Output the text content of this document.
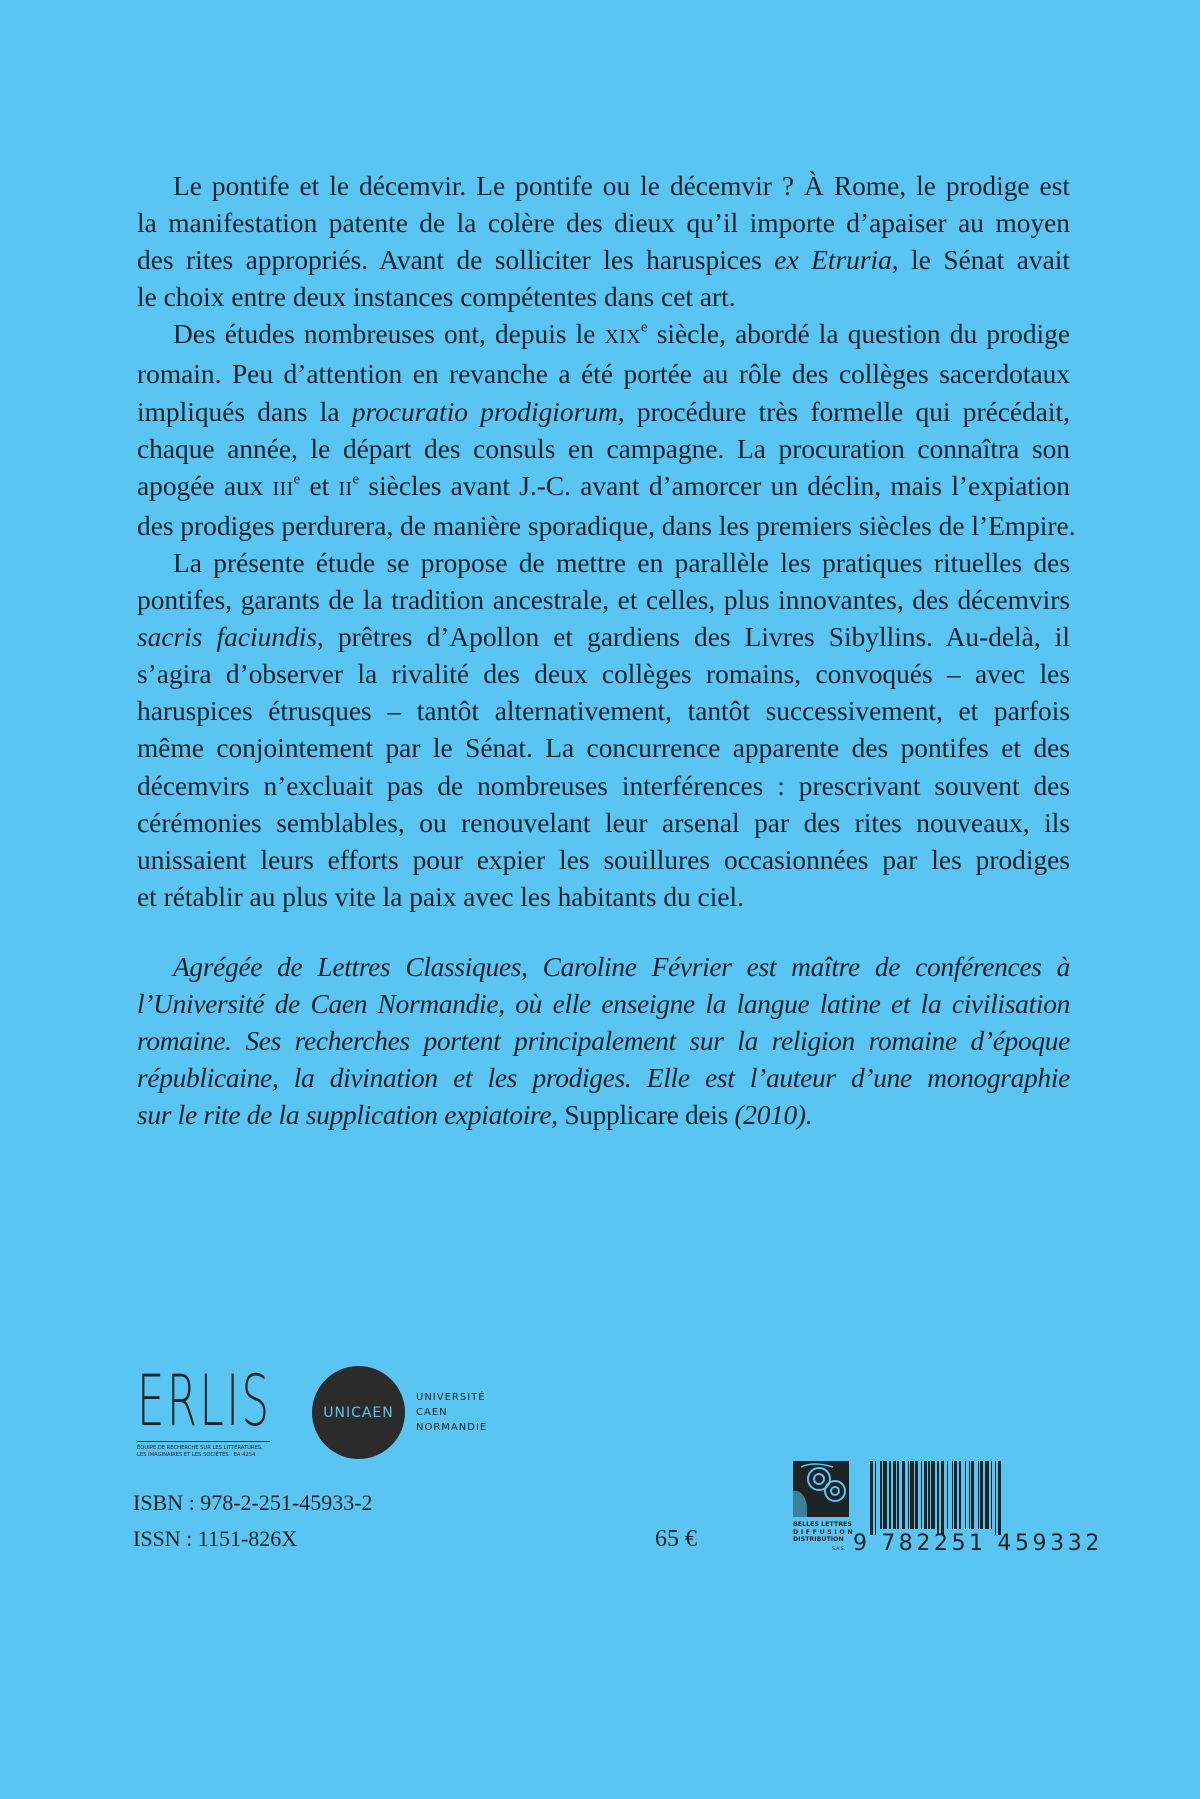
Le pontife et le décemvir. Le pontife ou le décemvir ? À Rome, le prodige est
la manifestation patente de la colère des dieux qu’il importe d’apaiser au moyen
des rites appropriés. Avant de solliciter les haruspices ex Etruria, le Sénat avait
le choix entre deux instances compétentes dans cet art.
Des études nombreuses ont, depuis le XIXe siècle, abordé la question du prodige
romain. Peu d’attention en revanche a été portée au rôle des collèges sacerdotaux
impliqués dans la procuratio prodigiorum, procédure très formelle qui précédait,
chaque année, le départ des consuls en campagne. La procuration connaîtra son
apogée aux IIIe et IIe siècles avant J.-C. avant d’amorcer un déclin, mais l’expiation
des prodiges perdurera, de manière sporadique, dans les premiers siècles de l’Empire.
La présente étude se propose de mettre en parallèle les pratiques rituelles des
pontifes, garants de la tradition ancestrale, et celles, plus innovantes, des décemvirs
sacris faciundis, prêtres d’Apollon et gardiens des Livres Sibyllins. Au-delà, il
s’agira d’observer la rivalité des deux collèges romains, convoqués – avec les
haruspices étrusques – tantôt alternativement, tantôt successivement, et parfois
même conjointement par le Sénat. La concurrence apparente des pontifes et des
décemvirs n’excluait pas de nombreuses interférences : prescrivant souvent des
cérémonies semblables, ou renouvelant leur arsenal par des rites nouveaux, ils
unissaient leurs efforts pour expier les souillures occasionnées par les prodiges
et rétablir au plus vite la paix avec les habitants du ciel.
Agrégée de Lettres Classiques, Caroline Février est maître de conférences à
l’Université de Caen Normandie, où elle enseigne la langue latine et la civilisation
romaine. Ses recherches portent principalement sur la religion romaine d’époque
républicaine, la divination et les prodiges. Elle est l’auteur d’une monographie
sur le rite de la supplication expiatoire, Supplicare deis (2010).
ERLIS
ÉQUIPE DE RECHERCHE SUR LES LITTÉRATURES,
LES IMAGINAIRES ET LES SOCIÉTÉS · EA 4254
UNICAEN
UNIVERSITÉ
CAEN
NORMANDIE
ISBN : 978-2-251-45933-2
ISSN : 1151-826X	65 €
BELLES LETTRES
DIFFUSION
DISTRIBUTION
S.A.S. 9 782251 459332
